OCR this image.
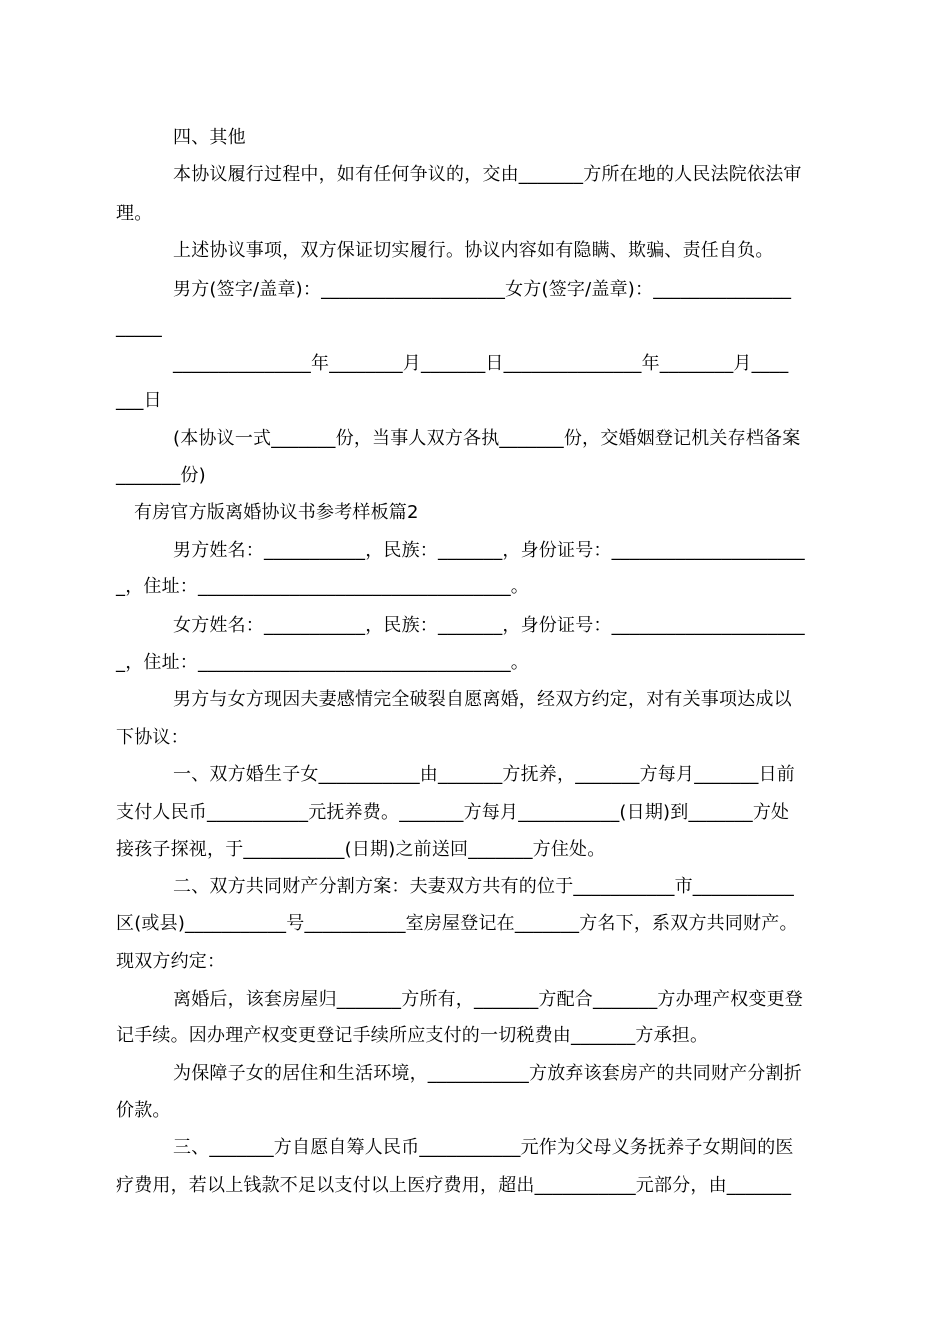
四、其他
本协议履行过程中，如有任何争议的，交由_______方所在地的人民法院依法审
理。
上述协议事项，双方保证切实履行。协议内容如有隐瞒、欺骗、责任自负。
男方(签字/盖章)：____________________女方(签字/盖章)：_______________
_____
_______________年________月_______日_______________年________月____
___日
(本协议一式_______份，当事人双方各执_______份，交婚姻登记机关存档备案
_______份)
有房官方版离婚协议书参考样板篇2
男方姓名：___________，民族：_______，身份证号：_____________________
_，住址：__________________________________。
女方姓名：___________，民族：_______，身份证号：_____________________
_，住址：__________________________________。
男方与女方现因夫妻感情完全破裂自愿离婚，经双方约定，对有关事项达成以
下协议：
一、双方婚生子女___________由_______方抚养，_______方每月_______日前
支付人民币___________元抚养费。_______方每月___________(日期)到_______方处
接孩子探视，于___________(日期)之前送回_______方住处。
二、双方共同财产分割方案：夫妻双方共有的位于___________市___________
区(或县)___________号___________室房屋登记在_______方名下，系双方共同财产。
现双方约定：
离婚后，该套房屋归_______方所有，_______方配合_______方办理产权变更登
记手续。因办理产权变更登记手续所应支付的一切税费由_______方承担。
为保障子女的居住和生活环境，___________方放弃该套房产的共同财产分割折
价款。
三、_______方自愿自筹人民币___________元作为父母义务抚养子女期间的医
疗费用，若以上钱款不足以支付以上医疗费用，超出___________元部分，由_______
